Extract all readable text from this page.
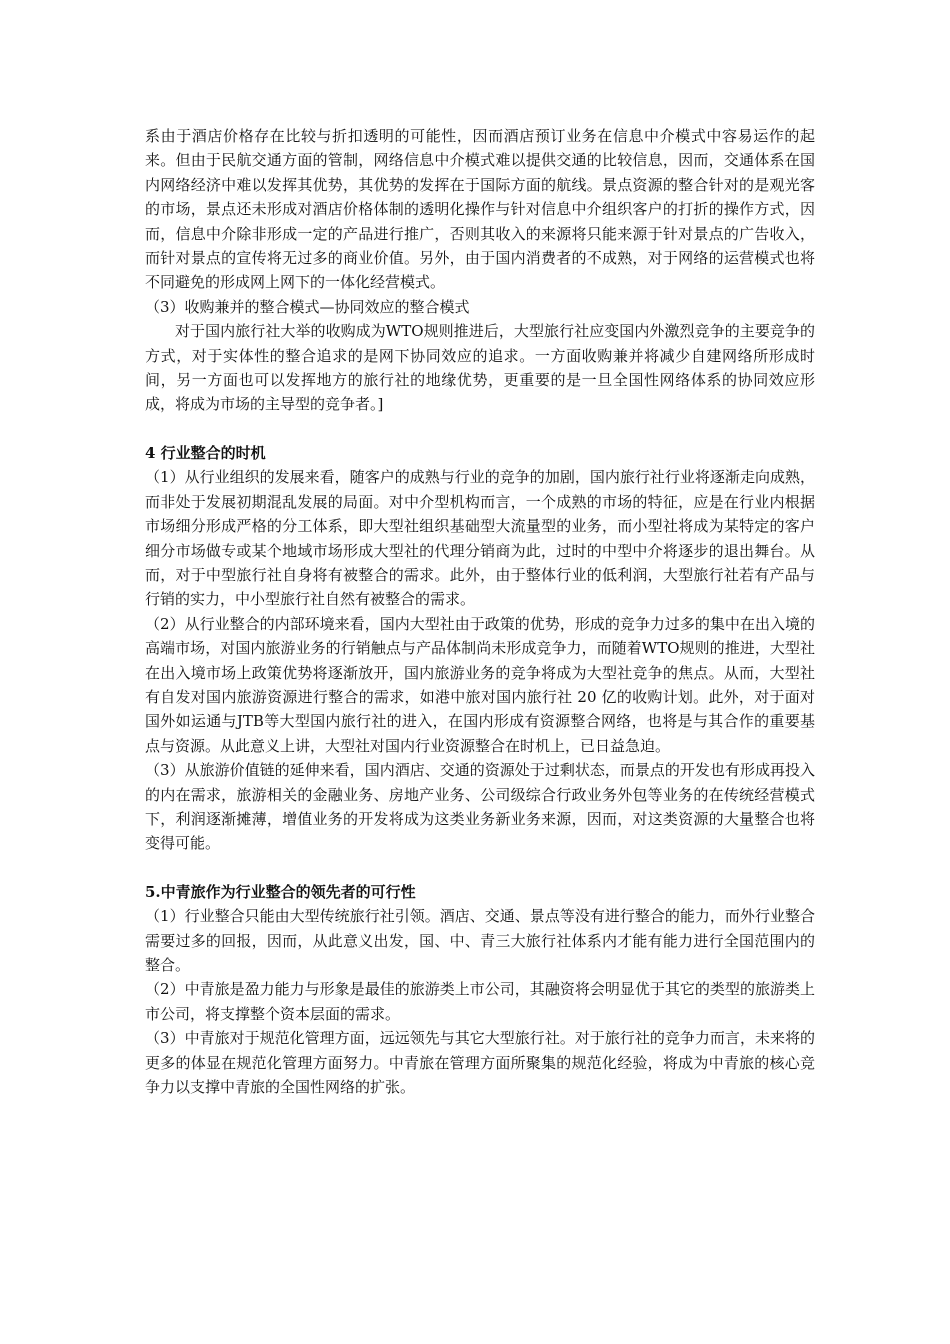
系由于酒店价格存在比较与折扣透明的可能性，因而酒店预订业务在信息中介模式中容易运作的起来。但由于民航交通方面的管制，网络信息中介模式难以提供交通的比较信息，因而，交通体系在国内网络经济中难以发挥其优势，其优势的发挥在于国际方面的航线。景点资源的整合针对的是观光客的市场，景点还未形成对酒店价格体制的透明化操作与针对信息中介组织客户的打折的操作方式，因而，信息中介除非形成一定的产品进行推广，否则其收入的来源将只能来源于针对景点的广告收入，而针对景点的宣传将无过多的商业价值。另外，由于国内消费者的不成熟，对于网络的运营模式也将不同避免的形成网上网下的一体化经营模式。

（3）收购兼并的整合模式—协同效应的整合模式

对于国内旅行社大举的收购成为WTO规则推进后，大型旅行社应变国内外激烈竞争的主要竞争的方式，对于实体性的整合追求的是网下协同效应的追求。一方面收购兼并将减少自建网络所形成时间，另一方面也可以发挥地方的旅行社的地缘优势，更重要的是一旦全国性网络体系的协同效应形成，将成为市场的主导型的竞争者。]

4 行业整合的时机

（1）从行业组织的发展来看，随客户的成熟与行业的竞争的加剧，国内旅行社行业将逐渐走向成熟，而非处于发展初期混乱发展的局面。对中介型机构而言，一个成熟的市场的特征，应是在行业内根据市场细分形成严格的分工体系，即大型社组织基础型大流量型的业务，而小型社将成为某特定的客户细分市场做专或某个地域市场形成大型社的代理分销商为此，过时的中型中介将逐步的退出舞台。从而，对于中型旅行社自身将有被整合的需求。此外，由于整体行业的低利润，大型旅行社若有产品与行销的实力，中小型旅行社自然有被整合的需求。

（2）从行业整合的内部环境来看，国内大型社由于政策的优势，形成的竞争力过多的集中在出入境的高端市场，对国内旅游业务的行销触点与产品体制尚未形成竞争力，而随着WTO规则的推进，大型社在出入境市场上政策优势将逐渐放开，国内旅游业务的竞争将成为大型社竞争的焦点。从而，大型社有自发对国内旅游资源进行整合的需求，如港中旅对国内旅行社 20 亿的收购计划。此外，对于面对国外如运通与JTB等大型国内旅行社的进入，在国内形成有资源整合网络，也将是与其合作的重要基点与资源。从此意义上讲，大型社对国内行业资源整合在时机上，已日益急迫。

（3）从旅游价值链的延伸来看，国内酒店、交通的资源处于过剩状态，而景点的开发也有形成再投入的内在需求，旅游相关的金融业务、房地产业务、公司级综合行政业务外包等业务的在传统经营模式下，利润逐渐摊薄，增值业务的开发将成为这类业务新业务来源，因而，对这类资源的大量整合也将变得可能。

5.中青旅作为行业整合的领先者的可行性

（1）行业整合只能由大型传统旅行社引领。酒店、交通、景点等没有进行整合的能力，而外行业整合需要过多的回报，因而，从此意义出发，国、中、青三大旅行社体系内才能有能力进行全国范围内的整合。

（2）中青旅是盈力能力与形象是最佳的旅游类上市公司，其融资将会明显优于其它的类型的旅游类上市公司，将支撑整个资本层面的需求。

（3）中青旅对于规范化管理方面，远远领先与其它大型旅行社。对于旅行社的竞争力而言，未来将的更多的体显在规范化管理方面努力。中青旅在管理方面所聚集的规范化经验，将成为中青旅的核心竞争力以支撑中青旅的全国性网络的扩张。
